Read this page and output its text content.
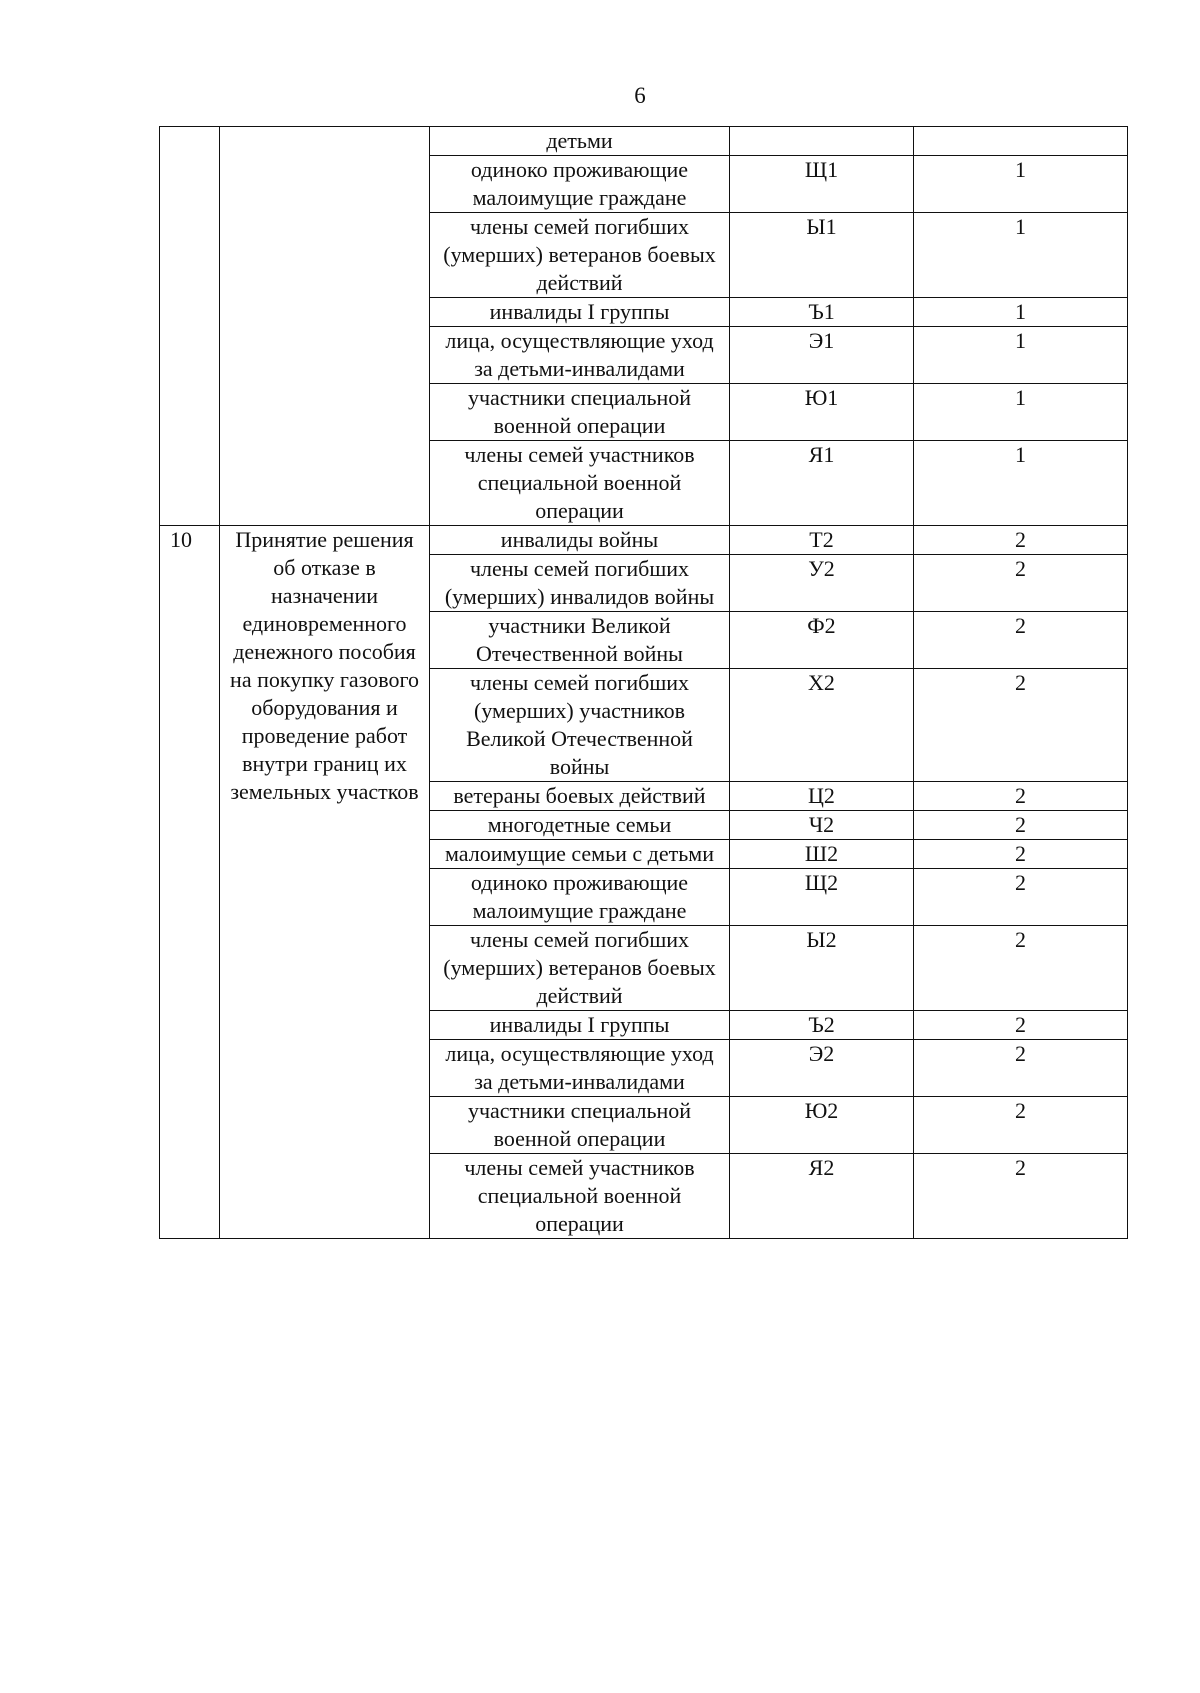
6
		детьми		
		одиноко проживающие малоимущие граждане	Щ1	1
		члены семей погибших (умерших) ветеранов боевых действий	Ы1	1
		инвалиды I группы	Ъ1	1
		лица, осуществляющие уход за детьми-инвалидами	Э1	1
		участники специальной военной операции	Ю1	1
		члены семей участников специальной военной операции	Я1	1
10	Принятие решения об отказе в назначении единовременного денежного пособия на покупку газового оборудования и проведение работ внутри границ их земельных участков	инвалиды войны	Т2	2
		члены семей погибших (умерших) инвалидов войны	У2	2
		участники Великой Отечественной войны	Ф2	2
		члены семей погибших (умерших) участников Великой Отечественной войны	Х2	2
		ветераны боевых действий	Ц2	2
		многодетные семьи	Ч2	2
		малоимущие семьи с детьми	Ш2	2
		одиноко проживающие малоимущие граждане	Щ2	2
		члены семей погибших (умерших) ветеранов боевых действий	Ы2	2
		инвалиды I группы	Ъ2	2
		лица, осуществляющие уход за детьми-инвалидами	Э2	2
		участники специальной военной операции	Ю2	2
		члены семей участников специальной военной операции	Я2	2
